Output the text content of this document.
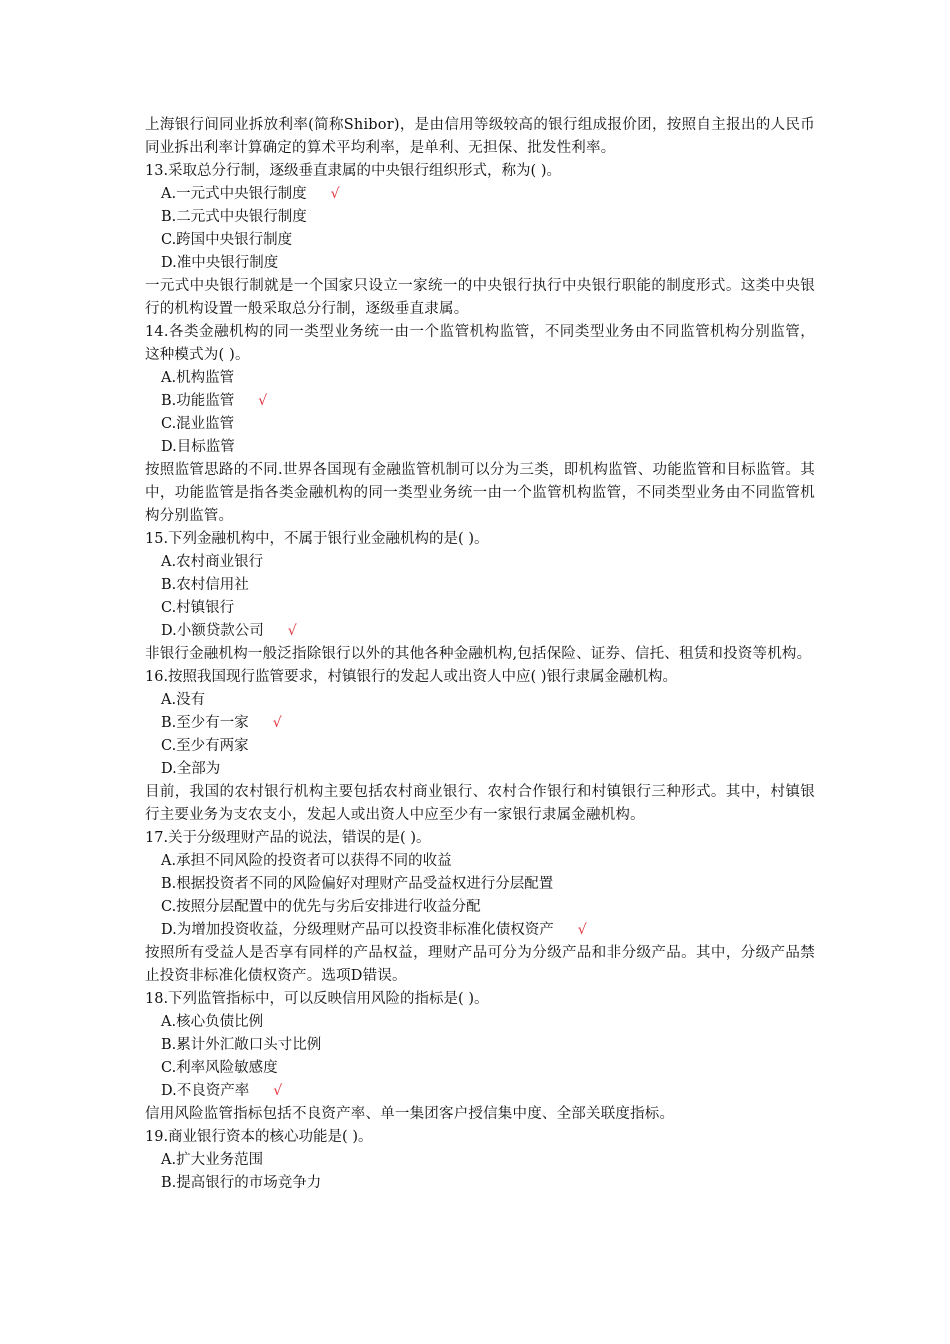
上海银行间同业拆放利率(简称Shibor)，是由信用等级较高的银行组成报价团，按照自主报出的人民币同业拆出利率计算确定的算术平均利率，是单利、无担保、批发性利率。

13.采取总分行制，逐级垂直隶属的中央银行组织形式，称为( )。

A.一元式中央银行制度 √
B.二元式中央银行制度
C.跨国中央银行制度
D.准中央银行制度

一元式中央银行制就是一个国家只设立一家统一的中央银行执行中央银行职能的制度形式。这类中央银行的机构设置一般采取总分行制，逐级垂直隶属。

14.各类金融机构的同一类型业务统一由一个监管机构监管，不同类型业务由不同监管机构分别监管，这种模式为( )。

A.机构监管
B.功能监管 √
C.混业监管
D.目标监管

按照监管思路的不同.世界各国现有金融监管机制可以分为三类，即机构监管、功能监管和目标监管。其中，功能监管是指各类金融机构的同一类型业务统一由一个监管机构监管，不同类型业务由不同监管机构分别监管。

15.下列金融机构中，不属于银行业金融机构的是( )。

A.农村商业银行
B.农村信用社
C.村镇银行
D.小额贷款公司 √

非银行金融机构一般泛指除银行以外的其他各种金融机构,包括保险、证券、信托、租赁和投资等机构。

16.按照我国现行监管要求，村镇银行的发起人或出资人中应( )银行隶属金融机构。

A.没有
B.至少有一家 √
C.至少有两家
D.全部为

目前，我国的农村银行机构主要包括农村商业银行、农村合作银行和村镇银行三种形式。其中，村镇银行主要业务为支农支小，发起人或出资人中应至少有一家银行隶属金融机构。

17.关于分级理财产品的说法，错误的是( )。

A.承担不同风险的投资者可以获得不同的收益
B.根据投资者不同的风险偏好对理财产品受益权进行分层配置
C.按照分层配置中的优先与劣后安排进行收益分配
D.为增加投资收益，分级理财产品可以投资非标准化债权资产 √

按照所有受益人是否享有同样的产品权益，理财产品可分为分级产品和非分级产品。其中，分级产品禁止投资非标准化债权资产。选项D错误。

18.下列监管指标中，可以反映信用风险的指标是( )。

A.核心负债比例
B.累计外汇敞口头寸比例
C.利率风险敏感度
D.不良资产率 √

信用风险监管指标包括不良资产率、单一集团客户授信集中度、全部关联度指标。

19.商业银行资本的核心功能是( )。

A.扩大业务范围
B.提高银行的市场竞争力
